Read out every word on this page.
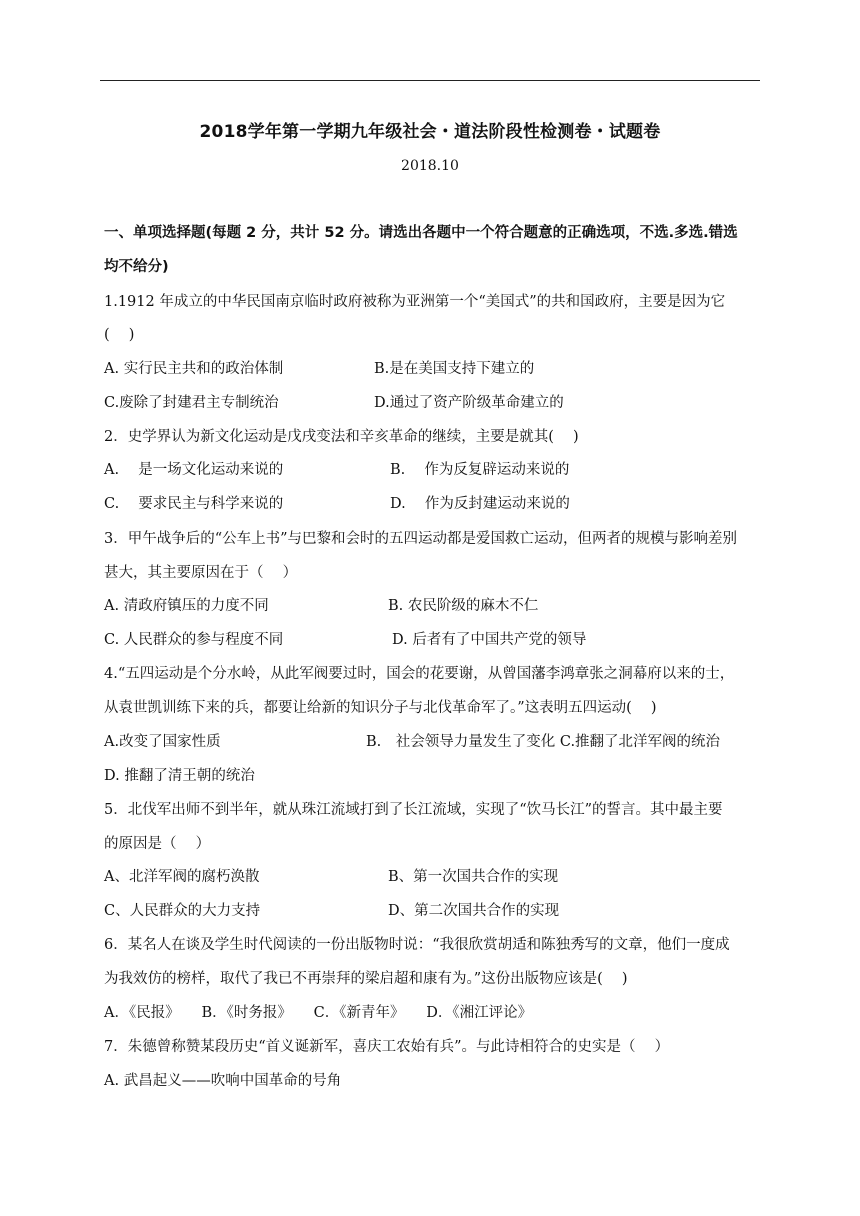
2018学年第一学期九年级社会・道法阶段性检测卷・试题卷
2018.10
一、单项选择题(每题 2 分，共计 52 分。请选出各题中一个符合题意的正确选项，不选.多选.错选
均不给分)
1.1912 年成立的中华民国南京临时政府被称为亚洲第一个“美国式”的共和国政府，主要是因为它
(　 )
A. 实行民主共和的政治体制	B.是在美国支持下建立的
C.废除了封建君主专制统治	D.通过了资产阶级革命建立的
2．史学界认为新文化运动是戊戌变法和辛亥革命的继续，主要是就其(　 )
A.　 是一场文化运动来说的	B.　 作为反复辟运动来说的
C.　 要求民主与科学来说的	D.　 作为反封建运动来说的
3．甲午战争后的“公车上书”与巴黎和会时的五四运动都是爱国救亡运动，但两者的规模与影响差别
甚大，其主要原因在于（　 ）
A. 清政府镇压的力度不同	B. 农民阶级的麻木不仁
C. 人民群众的参与程度不同	D. 后者有了中国共产党的领导
4.“五四运动是个分水岭，从此军阀要过时，国会的花要谢，从曾国藩李鸿章张之洞幕府以来的士，
从袁世凯训练下来的兵，都要让给新的知识分子与北伐革命军了。”这表明五四运动(　 )
A.改变了国家性质	B.　社会领导力量发生了变化 C.推翻了北洋军阀的统治
D. 推翻了清王朝的统治
5．北伐军出师不到半年，就从珠江流域打到了长江流域，实现了“饮马长江”的誓言。其中最主要
的原因是（　 ）
A、北洋军阀的腐朽涣散	B、第一次国共合作的实现
C、人民群众的大力支持	D、第二次国共合作的实现
6．某名人在谈及学生时代阅读的一份出版物时说：“我很欣赏胡适和陈独秀写的文章，他们一度成
为我效仿的榜样，取代了我已不再崇拜的梁启超和康有为。”这份出版物应该是(　 )
A．《民报》　　B．《时务报》　　C．《新青年》　　D．《湘江评论》
7．朱德曾称赞某段历史“首义诞新军，喜庆工农始有兵”。与此诗相符合的史实是（　 ）
A. 武昌起义——吹响中国革命的号角
